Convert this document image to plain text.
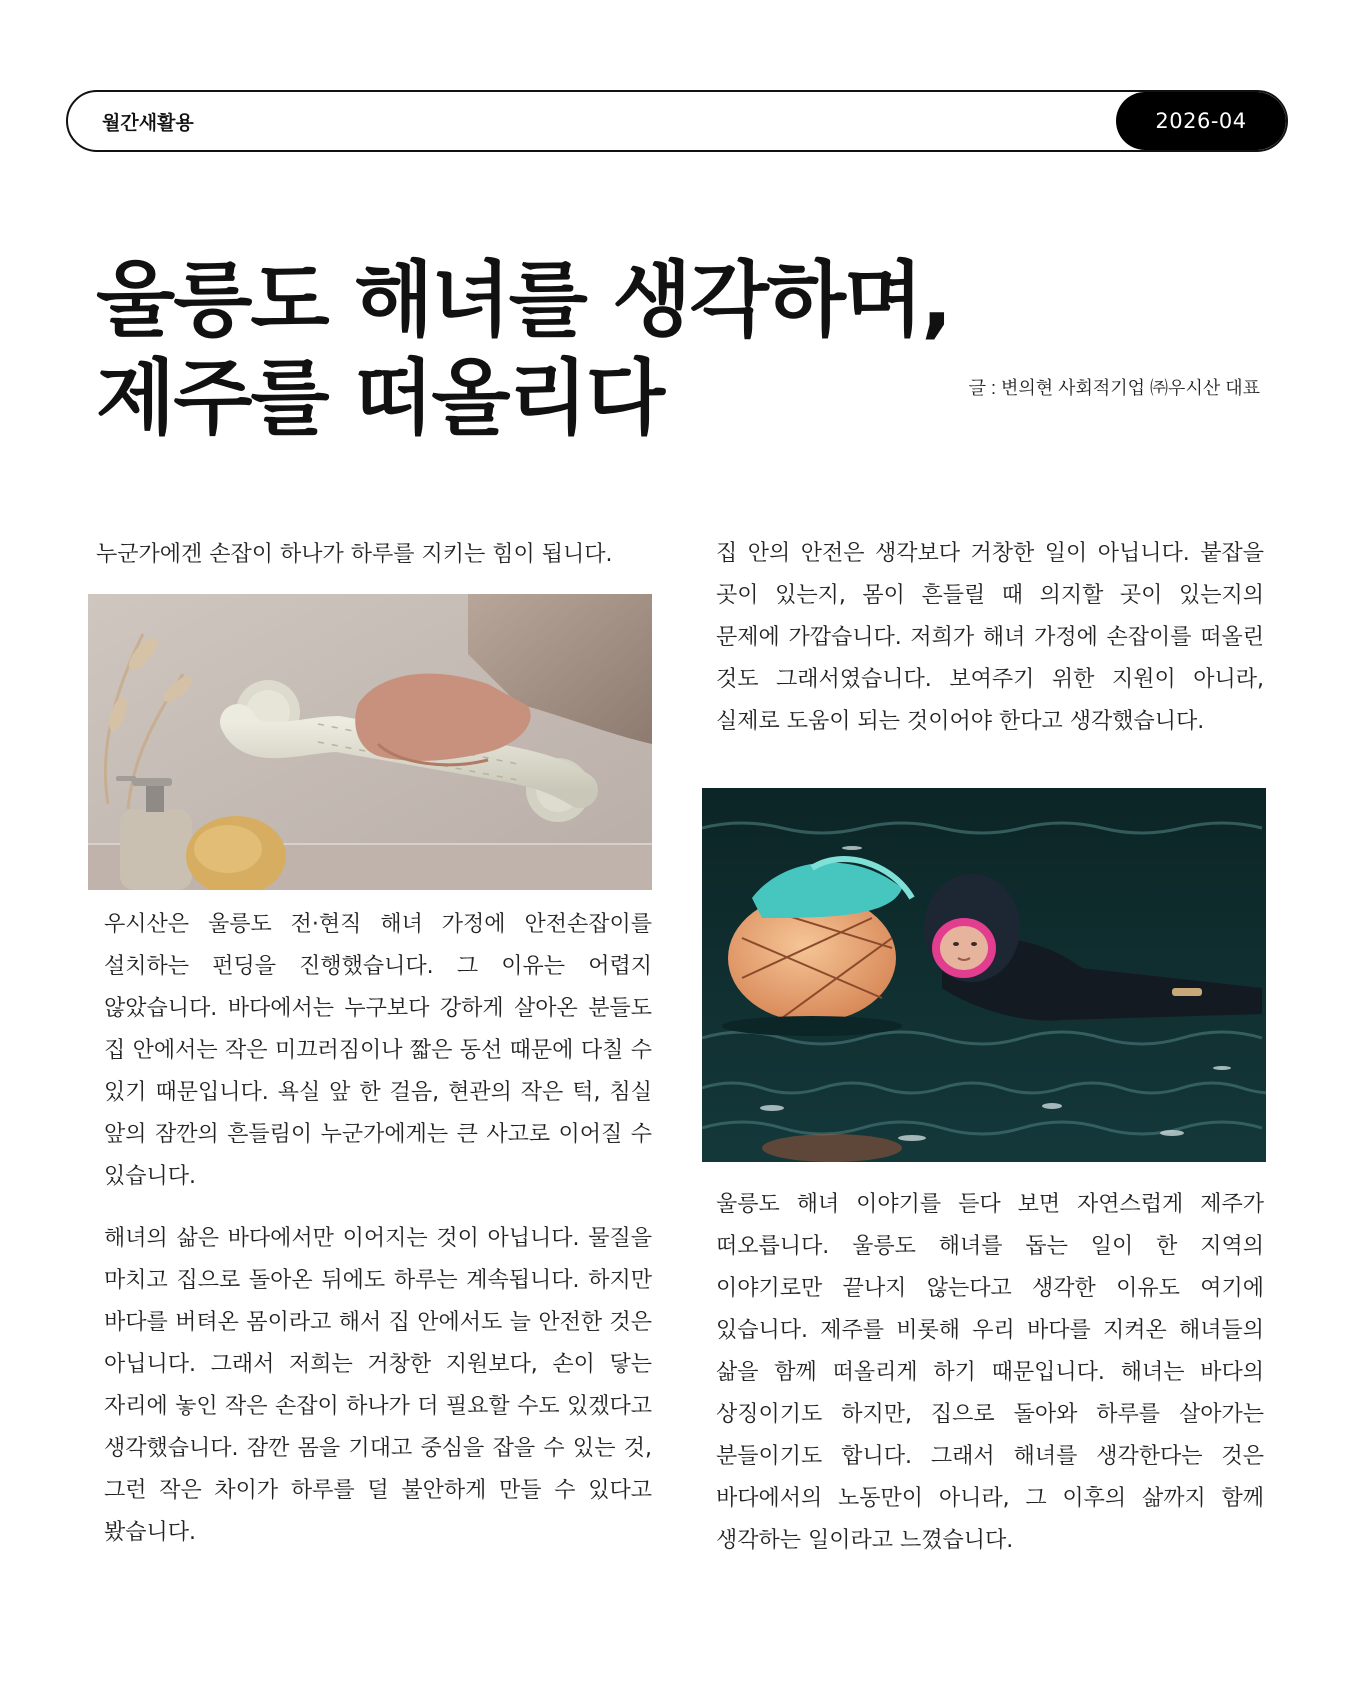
월간새활용	2026-04
울릉도 해녀를 생각하며,
제주를 떠올리다	글 : 변의현 사회적기업 ㈜우시산 대표

누군가에겐 손잡이 하나가 하루를 지키는 힘이 됩니다.

우시산은 울릉도 전·현직 해녀 가정에 안전손잡이를 설치하는 펀딩을 진행했습니다. 그 이유는 어렵지 않았습니다. 바다에서는 누구보다 강하게 살아온 분들도 집 안에서는 작은 미끄러짐이나 짧은 동선 때문에 다칠 수 있기 때문입니다. 욕실 앞 한 걸음, 현관의 작은 턱, 침실 앞의 잠깐의 흔들림이 누군가에게는 큰 사고로 이어질 수 있습니다.

해녀의 삶은 바다에서만 이어지는 것이 아닙니다. 물질을 마치고 집으로 돌아온 뒤에도 하루는 계속됩니다. 하지만 바다를 버텨온 몸이라고 해서 집 안에서도 늘 안전한 것은 아닙니다. 그래서 저희는 거창한 지원보다, 손이 닿는 자리에 놓인 작은 손잡이 하나가 더 필요할 수도 있겠다고 생각했습니다. 잠깐 몸을 기대고 중심을 잡을 수 있는 것, 그런 작은 차이가 하루를 덜 불안하게 만들 수 있다고 봤습니다.

집 안의 안전은 생각보다 거창한 일이 아닙니다. 붙잡을 곳이 있는지, 몸이 흔들릴 때 의지할 곳이 있는지의 문제에 가깝습니다. 저희가 해녀 가정에 손잡이를 떠올린 것도 그래서였습니다. 보여주기 위한 지원이 아니라, 실제로 도움이 되는 것이어야 한다고 생각했습니다.

울릉도 해녀 이야기를 듣다 보면 자연스럽게 제주가 떠오릅니다. 울릉도 해녀를 돕는 일이 한 지역의 이야기로만 끝나지 않는다고 생각한 이유도 여기에 있습니다. 제주를 비롯해 우리 바다를 지켜온 해녀들의 삶을 함께 떠올리게 하기 때문입니다. 해녀는 바다의 상징이기도 하지만, 집으로 돌아와 하루를 살아가는 분들이기도 합니다. 그래서 해녀를 생각한다는 것은 바다에서의 노동만이 아니라, 그 이후의 삶까지 함께 생각하는 일이라고 느꼈습니다.
